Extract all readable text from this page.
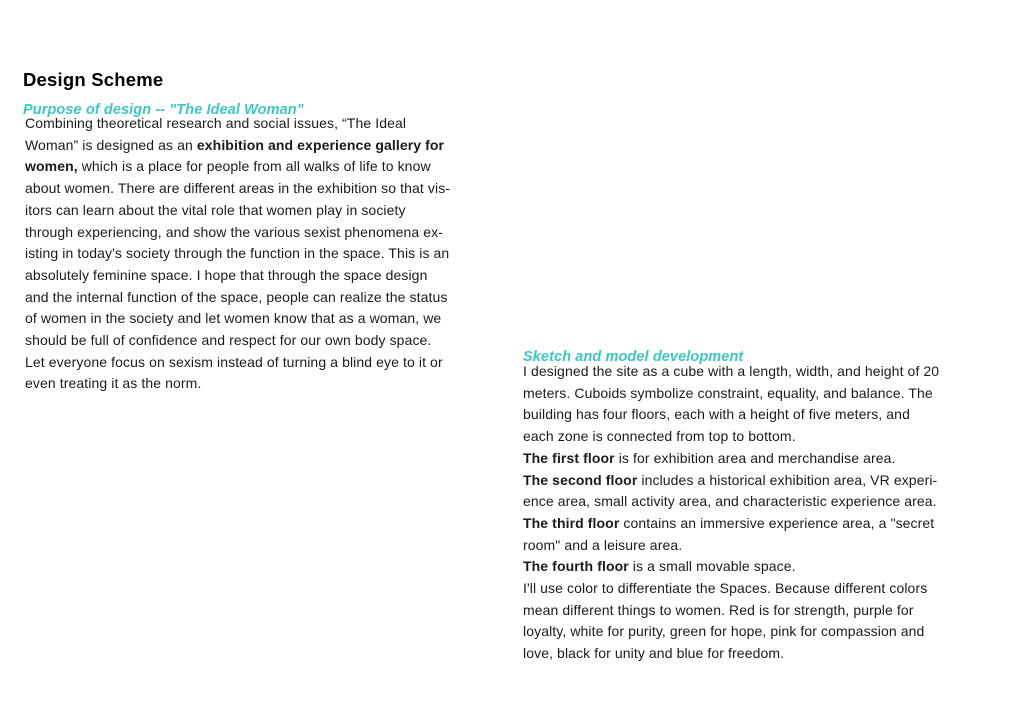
Design Scheme
Purpose of design -- "The Ideal Woman"
Combining theoretical research and social issues, “The Ideal
Woman” is designed as an exhibition and experience gallery for
women, which is a place for people from all walks of life to know
about women. There are different areas in the exhibition so that vis-
itors can learn about the vital role that women play in society
through experiencing, and show the various sexist phenomena ex-
isting in today's society through the function in the space. This is an
absolutely feminine space. I hope that through the space design
and the internal function of the space, people can realize the status
of women in the society and let women know that as a woman, we
should be full of confidence and respect for our own body space.
Let everyone focus on sexism instead of turning a blind eye to it or
even treating it as the norm.
Sketch and model development
I designed the site as a cube with a length, width, and height of 20
meters. Cuboids symbolize constraint, equality, and balance. The
building has four floors, each with a height of five meters, and
each zone is connected from top to bottom.
The first floor is for exhibition area and merchandise area.
The second floor includes a historical exhibition area, VR experi-
ence area, small activity area, and characteristic experience area.
The third floor contains an immersive experience area, a "secret
room" and a leisure area.
The fourth floor is a small movable space.
I'll use color to differentiate the Spaces. Because different colors
mean different things to women. Red is for strength, purple for
loyalty, white for purity, green for hope, pink for compassion and
love, black for unity and blue for freedom.
